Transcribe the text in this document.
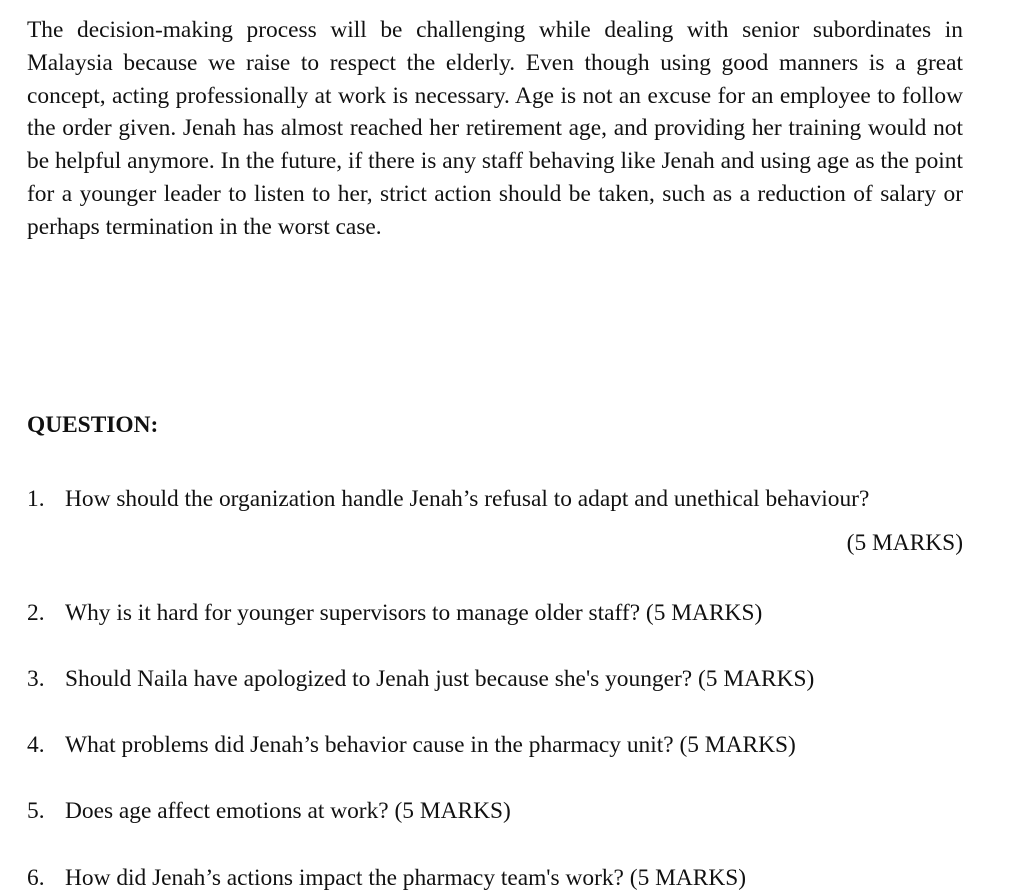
The decision-making process will be challenging while dealing with senior subordinates in Malaysia because we raise to respect the elderly. Even though using good manners is a great concept, acting professionally at work is necessary. Age is not an excuse for an employee to follow the order given. Jenah has almost reached her retirement age, and providing her training would not be helpful anymore. In the future, if there is any staff behaving like Jenah and using age as the point for a younger leader to listen to her, strict action should be taken, such as a reduction of salary or perhaps termination in the worst case.

QUESTION:
1. How should the organization handle Jenah’s refusal to adapt and unethical behaviour?
(5 MARKS)
2. Why is it hard for younger supervisors to manage older staff? (5 MARKS)
3. Should Naila have apologized to Jenah just because she's younger? (5 MARKS)
4. What problems did Jenah’s behavior cause in the pharmacy unit? (5 MARKS)
5. Does age affect emotions at work? (5 MARKS)
6. How did Jenah’s actions impact the pharmacy team's work? (5 MARKS)
